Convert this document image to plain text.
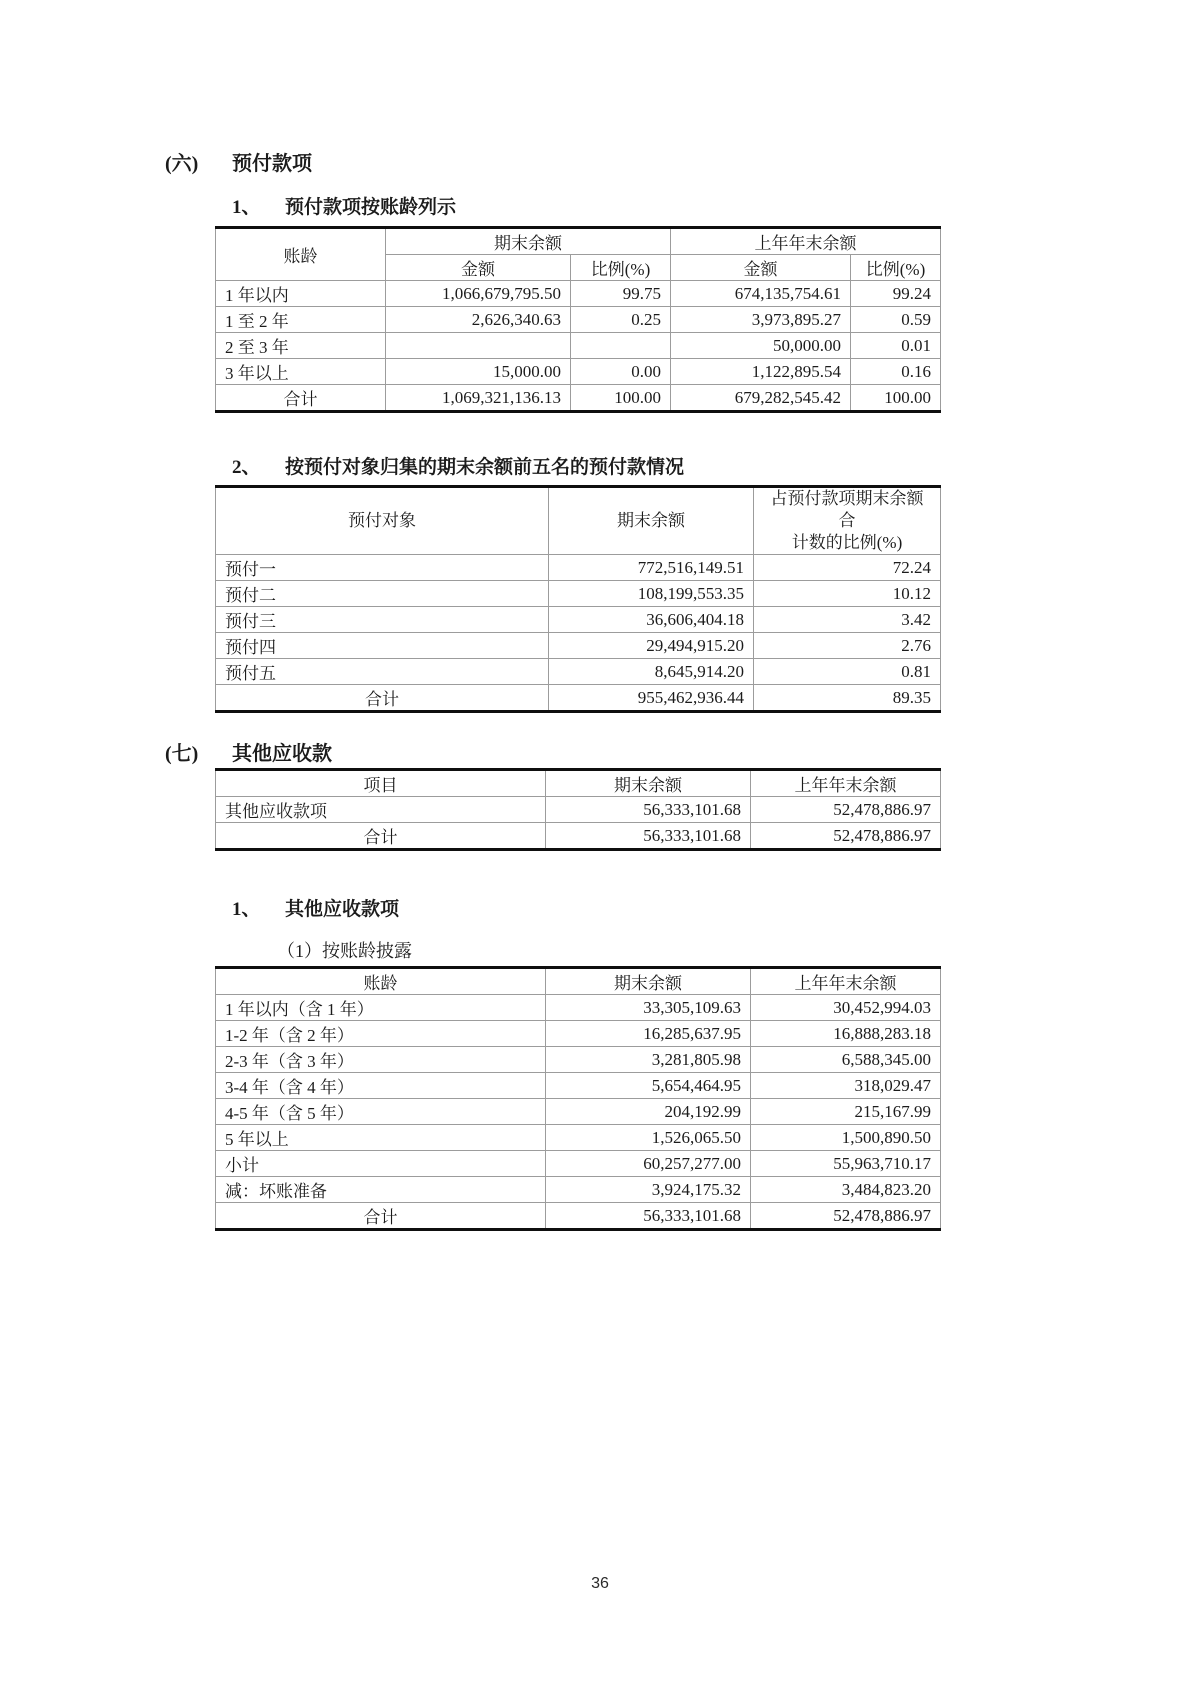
(六)	预付款项
1、	预付款项按账龄列示
账龄	期末余额		上年年末余额	
	金额	比例(%)	金额	比例(%)
1 年以内	1,066,679,795.50	99.75	674,135,754.61	99.24
1 至 2 年	2,626,340.63	0.25	3,973,895.27	0.59
2 至 3 年			50,000.00	0.01
3 年以上	15,000.00	0.00	1,122,895.54	0.16
合计	1,069,321,136.13	100.00	679,282,545.42	100.00
2、	按预付对象归集的期末余额前五名的预付款情况
预付对象	期末余额	占预付款项期末余额合
计数的比例(%)

预付一	772,516,149.51	72.24
预付二	108,199,553.35	10.12
预付三	36,606,404.18	3.42
预付四	29,494,915.20	2.76
预付五	8,645,914.20	0.81
合计	955,462,936.44	89.35
(七)	其他应收款
项目	期末余额	上年年末余额
其他应收款项	56,333,101.68	52,478,886.97
合计	56,333,101.68	52,478,886.97
1、	其他应收款项
（1）按账龄披露
账龄	期末余额	上年年末余额
1 年以内（含 1 年）	33,305,109.63	30,452,994.03
1-2 年（含 2 年）	16,285,637.95	16,888,283.18
2-3 年（含 3 年）	3,281,805.98	6,588,345.00
3-4 年（含 4 年）	5,654,464.95	318,029.47
4-5 年（含 5 年）	204,192.99	215,167.99
5 年以上	1,526,065.50	1,500,890.50
小计	60,257,277.00	55,963,710.17
减：坏账准备	3,924,175.32	3,484,823.20
合计	56,333,101.68	52,478,886.97
36
